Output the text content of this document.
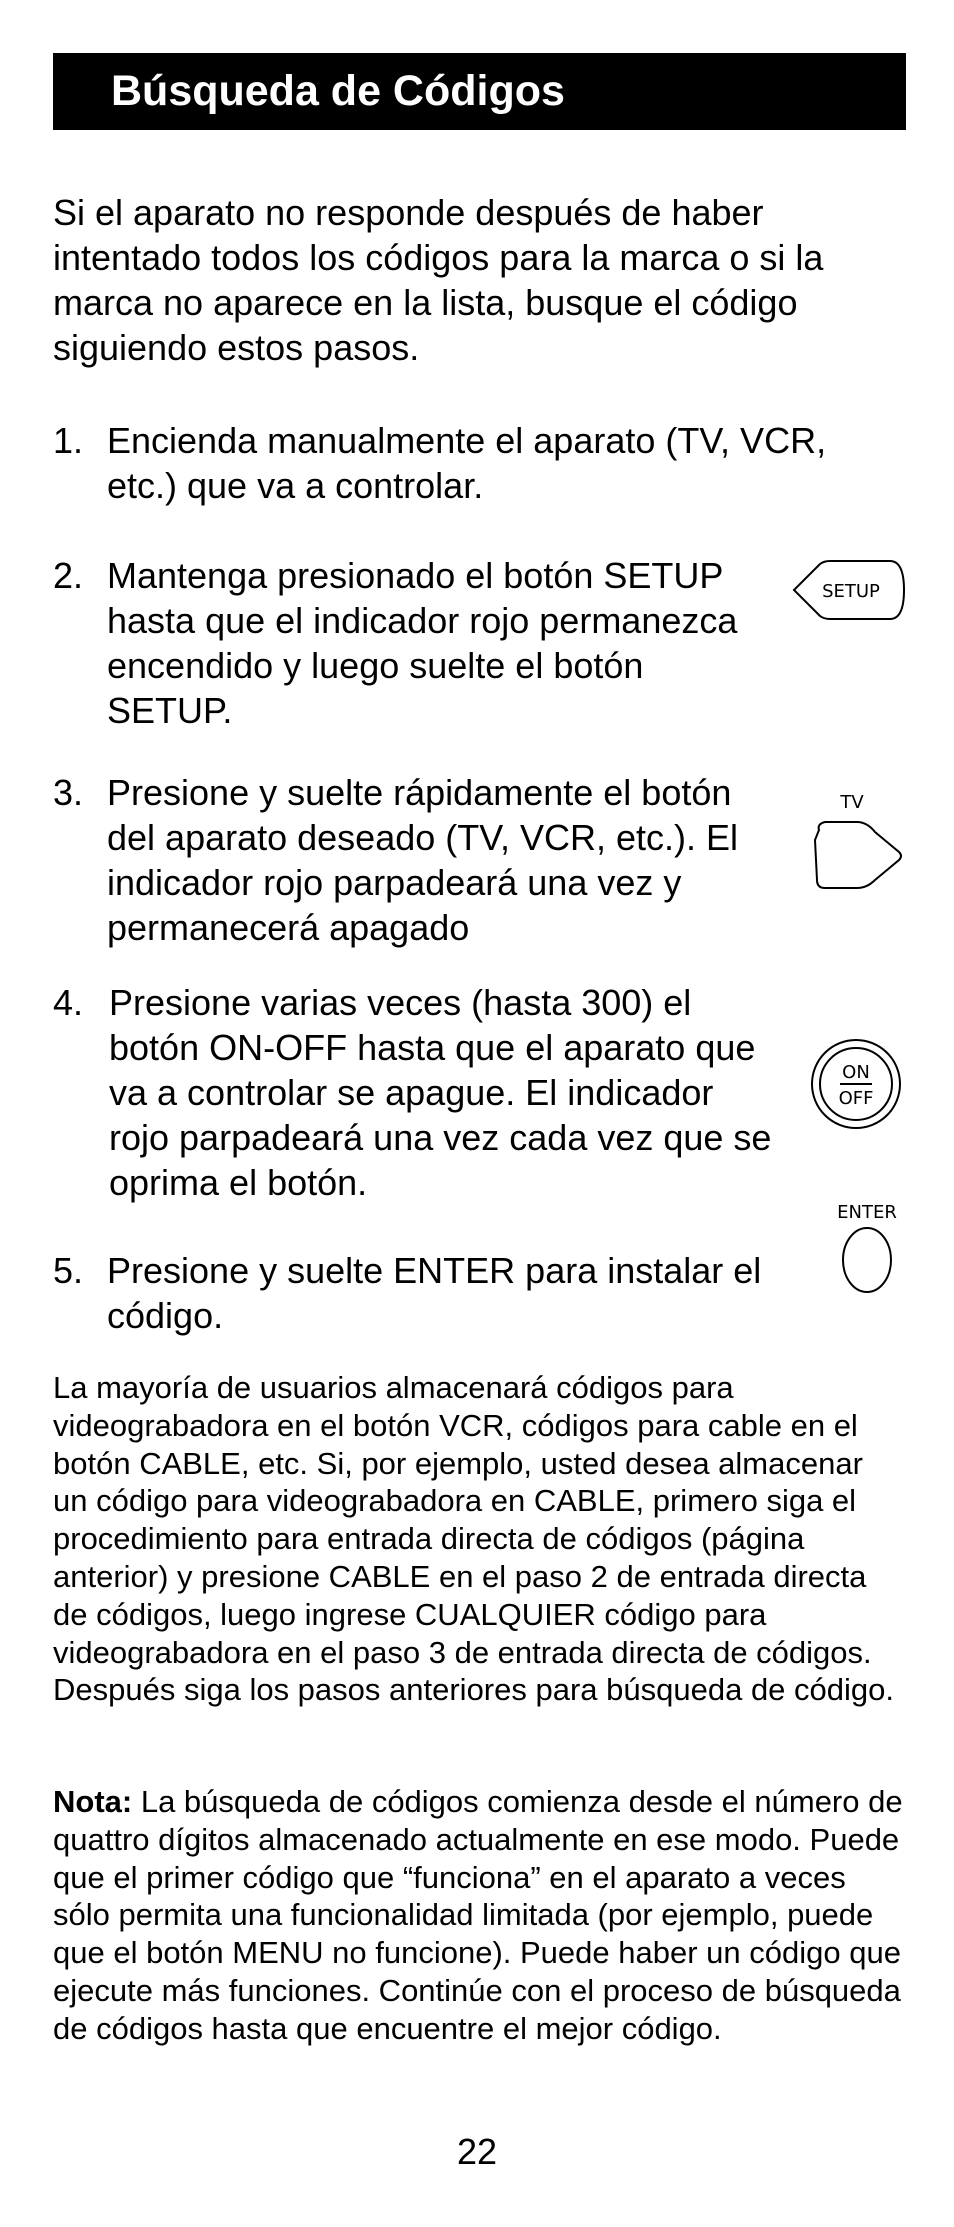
Búsqueda de Códigos

Si el aparato no responde después de haber intentado todos los códigos para la marca o si la marca no aparece en la lista, busque el código siguiendo estos pasos.

1. Encienda manualmente el aparato (TV, VCR, etc.) que va a controlar.
2. Mantenga presionado el botón SETUP hasta que el indicador rojo permanezca encendido y luego suelte el botón SETUP.
3. Presione y suelte rápidamente el botón del aparato deseado (TV, VCR, etc.). El indicador rojo parpadeará una vez y permanecerá apagado
4. Presione varias veces (hasta 300) el botón ON-OFF hasta que el aparato que va a controlar se apague. El indicador rojo parpadeará una vez cada vez que se oprima el botón.
5. Presione y suelte ENTER para instalar el código.
SETUP
TV
ON
OFF
ENTER

La mayoría de usuarios almacenará códigos para videograbadora en el botón VCR, códigos para cable en el botón CABLE, etc. Si, por ejemplo, usted desea almacenar un código para videograbadora en CABLE, primero siga el procedimiento para entrada directa de códigos (página anterior) y presione CABLE en el paso 2 de entrada directa de códigos, luego ingrese CUALQUIER código para videograbadora en el paso 3 de entrada directa de códigos. Después siga los pasos anteriores para búsqueda de código.

Nota: La búsqueda de códigos comienza desde el número de quattro dígitos almacenado actualmente en ese modo. Puede que el primer código que “funciona” en el aparato a veces sólo permita una funcionalidad limitada (por ejemplo, puede que el botón MENU no funcione). Puede haber un código que ejecute más funciones. Continúe con el proceso de búsqueda de códigos hasta que encuentre el mejor código.

22
